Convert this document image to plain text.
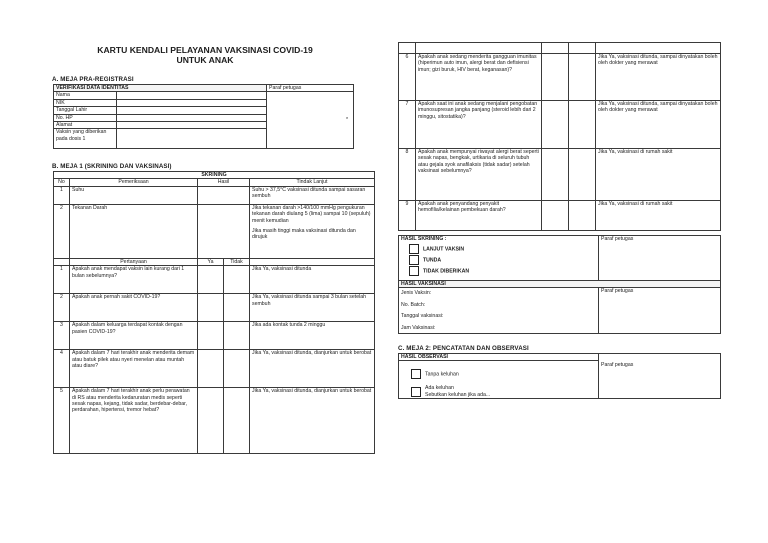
KARTU KENDALI PELAYANAN VAKSINASI COVID-19
UNTUK ANAK
A. MEJA PRA-REGISTRASI
VERIFIKASI DATA IDENTITAS		Paraf petugas
Nama		*
NIK		
Tanggal Lahir		
No. HP		
Alamat		
Vaksin yang diberikan pada dosis 1		
B. MEJA 1 (SKRINING DAN VAKSINASI)
SKRINING				
No	Pemeriksaan	Hasil		Tindak Lanjut
1	Suhu			Suhu > 37,5°C vaksinasi ditunda sampai sasaran sembuh
2	Tekanan Darah			Jika tekanan darah >140/100 mmHg pengukuran tekanan darah diulang 5 (lima) sampai 10 (sepuluh) menit kemudian
Jika masih tinggi maka vaksinasi ditunda dan dirujuk

	Pertanyaan	Ya	Tidak	
1	Apakah anak mendapat vaksin lain kurang dari 1 bulan sebelumnya?			Jika Ya, vaksinasi ditunda
2	Apakah anak pernah sakit COVID-19?			Jika Ya, vaksinasi ditunda sampai 3 bulan setelah sembuh
3	Apakah dalam keluarga terdapat kontak dengan pasien COVID-19?			Jika ada kontak tunda 2 minggu
4	Apakah dalam 7 hari terakhir anak menderita demam atau batuk pilek atau nyeri menelan atau muntah atau diare?			Jika Ya, vaksinasi ditunda, dianjurkan untuk berobat
5	Apakah dalam 7 hari terakhir anak perlu perawatan di RS atau menderita kedaruratan medis seperti sesak napas, kejang, tidak sadar, berdebar-debar, perdarahan, hipertensi, tremor hebat?			Jika Ya, vaksinasi ditunda, dianjurkan untuk berobat

6	Apakah anak sedang menderita gangguan imunitas (hiperimun auto imun, alergi berat dan defisiensi imun; gizi buruk, HIV berat, keganasan)?			Jika Ya, vaksinasi ditunda, sampai dinyatakan boleh oleh dokter yang merawat
7	Apakah saat ini anak sedang menjalani pengobatan imunosupresan jangka panjang (steroid lebih dari 2 minggu, sitostatika)?			Jika Ya, vaksinasi ditunda, sampai dinyatakan boleh oleh dokter yang merawat
8	Apakah anak mempunyai riwayat alergi berat seperti sesak napas, bengkak, urtikaria di seluruh tubuh atau gejala syok anafilaksis (tidak sadar) setelah vaksinasi sebelumnya?			Jika Ya, vaksinasi di rumah sakit
9	Apakah anak penyandang penyakit hemofilia/kelainan pembekuan darah?			Jika Ya, vaksinasi di rumah sakit
HASIL SKRINING :
LANJUT VAKSIN
TUNDA
TIDAK DIBERIKAN	Paraf petugas
HASIL VAKSINASI	

Jenis Vaksin:
No. Batch:
Tanggal vaksinasi:
Jam Vaksinasi:	Paraf petugas
C. MEJA 2: PENCATATAN DAN OBSERVASI
HASIL OBSERVASI	Paraf petugas

Tanpa keluhan
Ada keluhan
Sebutkan keluhan jika ada...
